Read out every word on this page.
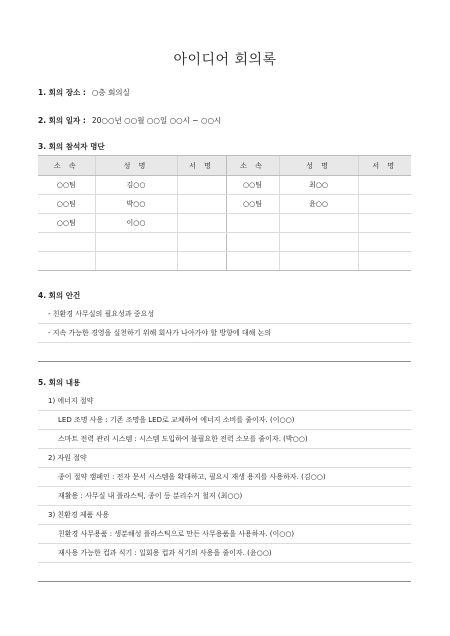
아이디어 회의록
1. 회의 장소 : ○층 회의실
2. 회의 일자 : 20○○년 ○○월 ○○일 ○○시 ~ ○○시
3. 회의 참석자 명단
소 속	성 명	서 명	소 속	성 명	서 명
○○팀	김○○		○○팀	최○○	
○○팀	박○○		○○팀	윤○○	
○○팀	이○○				

4. 회의 안건
- 친환경 사무실의 필요성과 중요성
- 지속 가능한 경영을 실천하기 위해 회사가 나아가야 할 방향에 대해 논의
5. 회의 내용
1) 에너지 절약
LED 조명 사용 : 기존 조명을 LED로 교체하여 에너지 소비를 줄이자. (이○○)
스마트 전력 관리 시스템 : 시스템 도입하여 불필요한 전력 소모를 줄이자. (박○○)
2) 자원 절약
종이 절약 캠페인 : 전자 문서 시스템을 확대하고, 필요시 재생 용지를 사용하자. (김○○)
재활용 : 사무실 내 플라스틱, 종이 등 분리수거 철저 (최○○)
3) 친환경 제품 사용
친환경 사무용품 : 생분해성 플라스틱으로 만든 사무용품을 사용하자. (이○○)
재사용 가능한 컵과 식기 : 일회용 컵과 식기의 사용을 줄이자. (윤○○)
